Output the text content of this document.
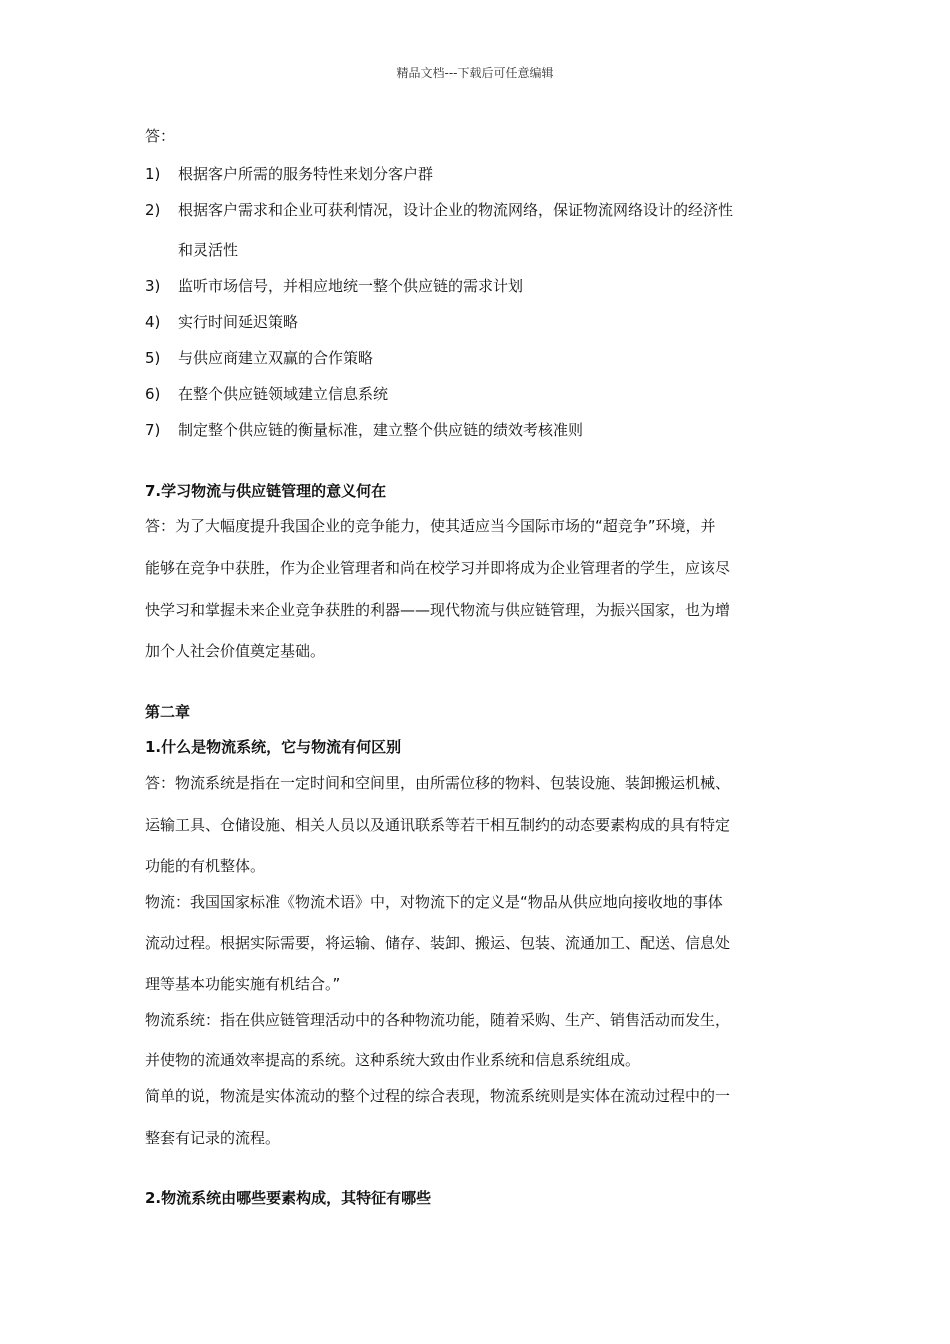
精品文档---下载后可任意编辑
答：
1) 根据客户所需的服务特性来划分客户群
2) 根据客户需求和企业可获利情况，设计企业的物流网络，保证物流网络设计的经济性
和灵活性
3) 监听市场信号，并相应地统一整个供应链的需求计划
4) 实行时间延迟策略
5) 与供应商建立双赢的合作策略
6) 在整个供应链领域建立信息系统
7) 制定整个供应链的衡量标准，建立整个供应链的绩效考核准则
7.学习物流与供应链管理的意义何在
答：为了大幅度提升我国企业的竞争能力，使其适应当今国际市场的“超竞争”环境，并
能够在竞争中获胜，作为企业管理者和尚在校学习并即将成为企业管理者的学生，应该尽
快学习和掌握未来企业竞争获胜的利器——现代物流与供应链管理，为振兴国家，也为增
加个人社会价值奠定基础。
第二章
1.什么是物流系统，它与物流有何区别
答：物流系统是指在一定时间和空间里，由所需位移的物料、包装设施、装卸搬运机械、
运输工具、仓储设施、相关人员以及通讯联系等若干相互制约的动态要素构成的具有特定
功能的有机整体。
物流：我国国家标准《物流术语》中，对物流下的定义是“物品从供应地向接收地的事体
流动过程。根据实际需要，将运输、储存、装卸、搬运、包装、流通加工、配送、信息处
理等基本功能实施有机结合。”
物流系统：指在供应链管理活动中的各种物流功能，随着采购、生产、销售活动而发生，
并使物的流通效率提高的系统。这种系统大致由作业系统和信息系统组成。
简单的说，物流是实体流动的整个过程的综合表现，物流系统则是实体在流动过程中的一
整套有记录的流程。
2.物流系统由哪些要素构成，其特征有哪些
